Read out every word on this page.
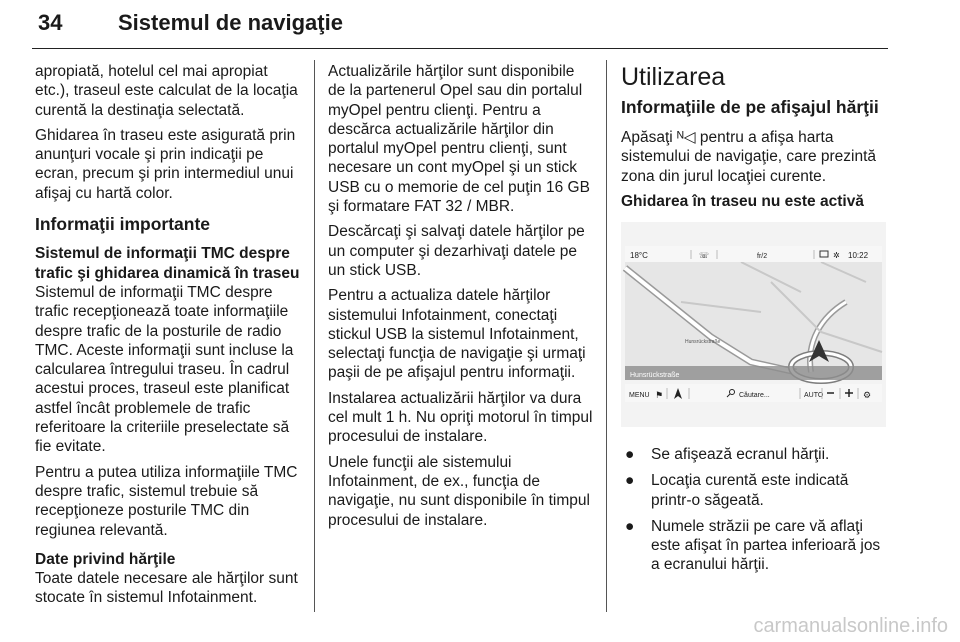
34	Sistemul de navigaţie

apropiată, hotelul cel mai apropiat etc.), traseul este calculat de la locaţia curentă la destinaţia selectată.

Ghidarea în traseu este asigurată prin anunţuri vocale şi prin indicaţii pe ecran, precum şi prin intermediul unui afişaj cu hartă color.

Informaţii importante
Sistemul de informaţii TMC despre trafic şi ghidarea dinamică în traseu

Sistemul de informaţii TMC despre trafic recepţionează toate informaţiile despre trafic de la posturile de radio TMC. Aceste informaţii sunt incluse la calcularea întregului traseu. În cadrul acestui proces, traseul este planificat astfel încât problemele de trafic referitoare la criteriile preselectate să fie evitate.

Pentru a putea utiliza informaţiile TMC despre trafic, sistemul trebuie să recepţioneze posturile TMC din regiunea relevantă.

Date privind hărţile

Toate datele necesare ale hărţilor sunt stocate în sistemul Infotainment.

Actualizările hărţilor sunt disponibile de la partenerul Opel sau din portalul myOpel pentru clienţi. Pentru a descărca actualizările hărţilor din portalul myOpel pentru clienţi, sunt necesare un cont myOpel şi un stick USB cu o memorie de cel puţin 16 GB şi formatare FAT 32 / MBR.

Descărcaţi şi salvaţi datele hărţilor pe un computer şi dezarhivaţi datele pe un stick USB.

Pentru a actualiza datele hărţilor sistemului Infotainment, conectaţi stickul USB la sistemul Infotainment, selectaţi funcţia de navigaţie şi urmaţi paşii de pe afişajul pentru informaţii.

Instalarea actualizării hărţilor va dura cel mult 1 h. Nu opriţi motorul în timpul procesului de instalare.

Unele funcţii ale sistemului Infotainment, de ex., funcţia de navigaţie, nu sunt disponibile în timpul procesului de instalare.

Utilizarea
Informaţiile de pe afişajul hărţii

Apăsaţi ᴺ◁ pentru a afişa harta sistemului de navigaţie, care prezintă zona din jurul locaţiei curente.

Ghidarea în traseu nu este activă
Hunsrückstraße
Hunsrückstraße
18°C	☏	fr/2	✲ 10:22
MENU ⚑	Căutare...	AUTO	⚙
● Se afişează ecranul hărţii.
● Locaţia curentă este indicată printr-o săgeată.
● Numele străzii pe care vă aflaţi este afişat în partea inferioară jos a ecranului hărţii.
carmanualsonline.info
